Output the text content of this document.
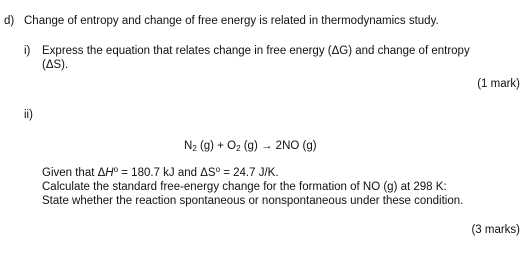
d) Change of entropy and change of free energy is related in thermodynamics study.
i) Express the equation that relates change in free energy (ΔG) and change of entropy
(ΔS).
(1 mark)
ii)
$N_2$ $(g) + O_2$ (g) → 2NO (g)
Given that $\Delta H^o = 180.7$ kJ and $\Delta S^o = 24.7$ J/K.
Calculate the standard free-energy change for the formation of NO (g) at 298 K:
State whether the reaction spontaneous or nonspontaneous under these condition.
(3 marks)
